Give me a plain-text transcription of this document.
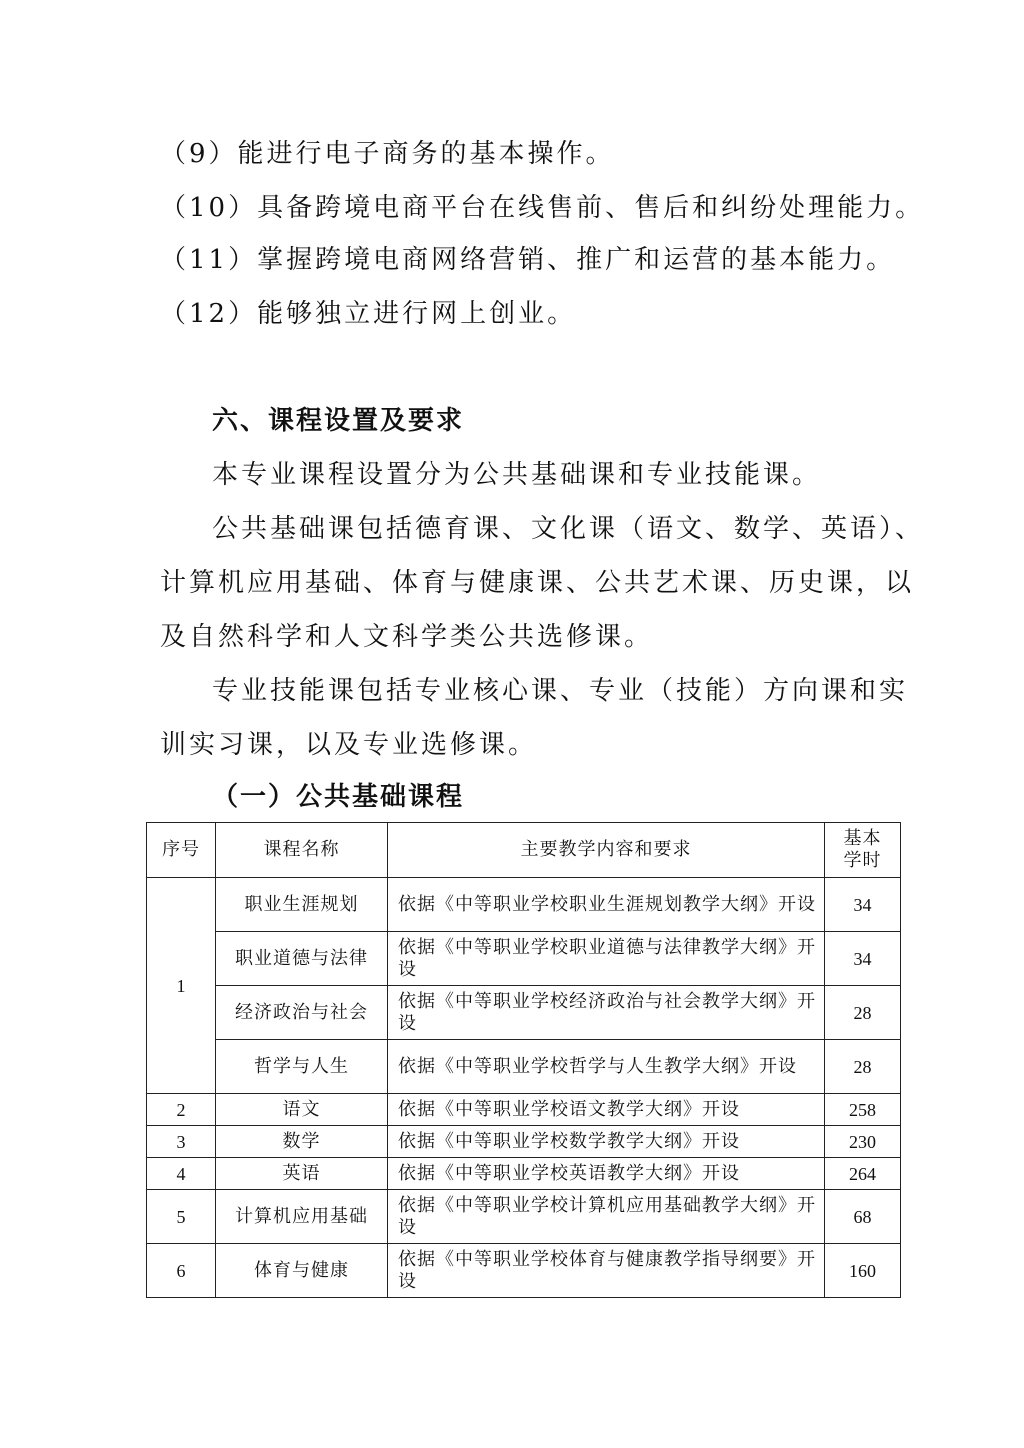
（9）能进行电子商务的基本操作。
（10）具备跨境电商平台在线售前、售后和纠纷处理能力。
（11）掌握跨境电商网络营销、推广和运营的基本能力。
（12）能够独立进行网上创业。
六、课程设置及要求
本专业课程设置分为公共基础课和专业技能课。
公共基础课包括德育课、文化课（语文、数学、英语）、
计算机应用基础、体育与健康课、公共艺术课、历史课，以
及自然科学和人文科学类公共选修课。
专业技能课包括专业核心课、专业（技能）方向课和实
训实习课，以及专业选修课。
（一）公共基础课程
序号	课程名称	主要教学内容和要求	基本
学时
1	职业生涯规划	依据《中等职业学校职业生涯规划教学大纲》开设	34
	职业道德与法律	依据《中等职业学校职业道德与法律教学大纲》开设	34
	经济政治与社会	依据《中等职业学校经济政治与社会教学大纲》开设	28
	哲学与人生	依据《中等职业学校哲学与人生教学大纲》开设	28
2	语文	依据《中等职业学校语文教学大纲》开设	258
3	数学	依据《中等职业学校数学教学大纲》开设	230
4	英语	依据《中等职业学校英语教学大纲》开设	264
5	计算机应用基础	依据《中等职业学校计算机应用基础教学大纲》开设	68
6	体育与健康	依据《中等职业学校体育与健康教学指导纲要》开设	160
